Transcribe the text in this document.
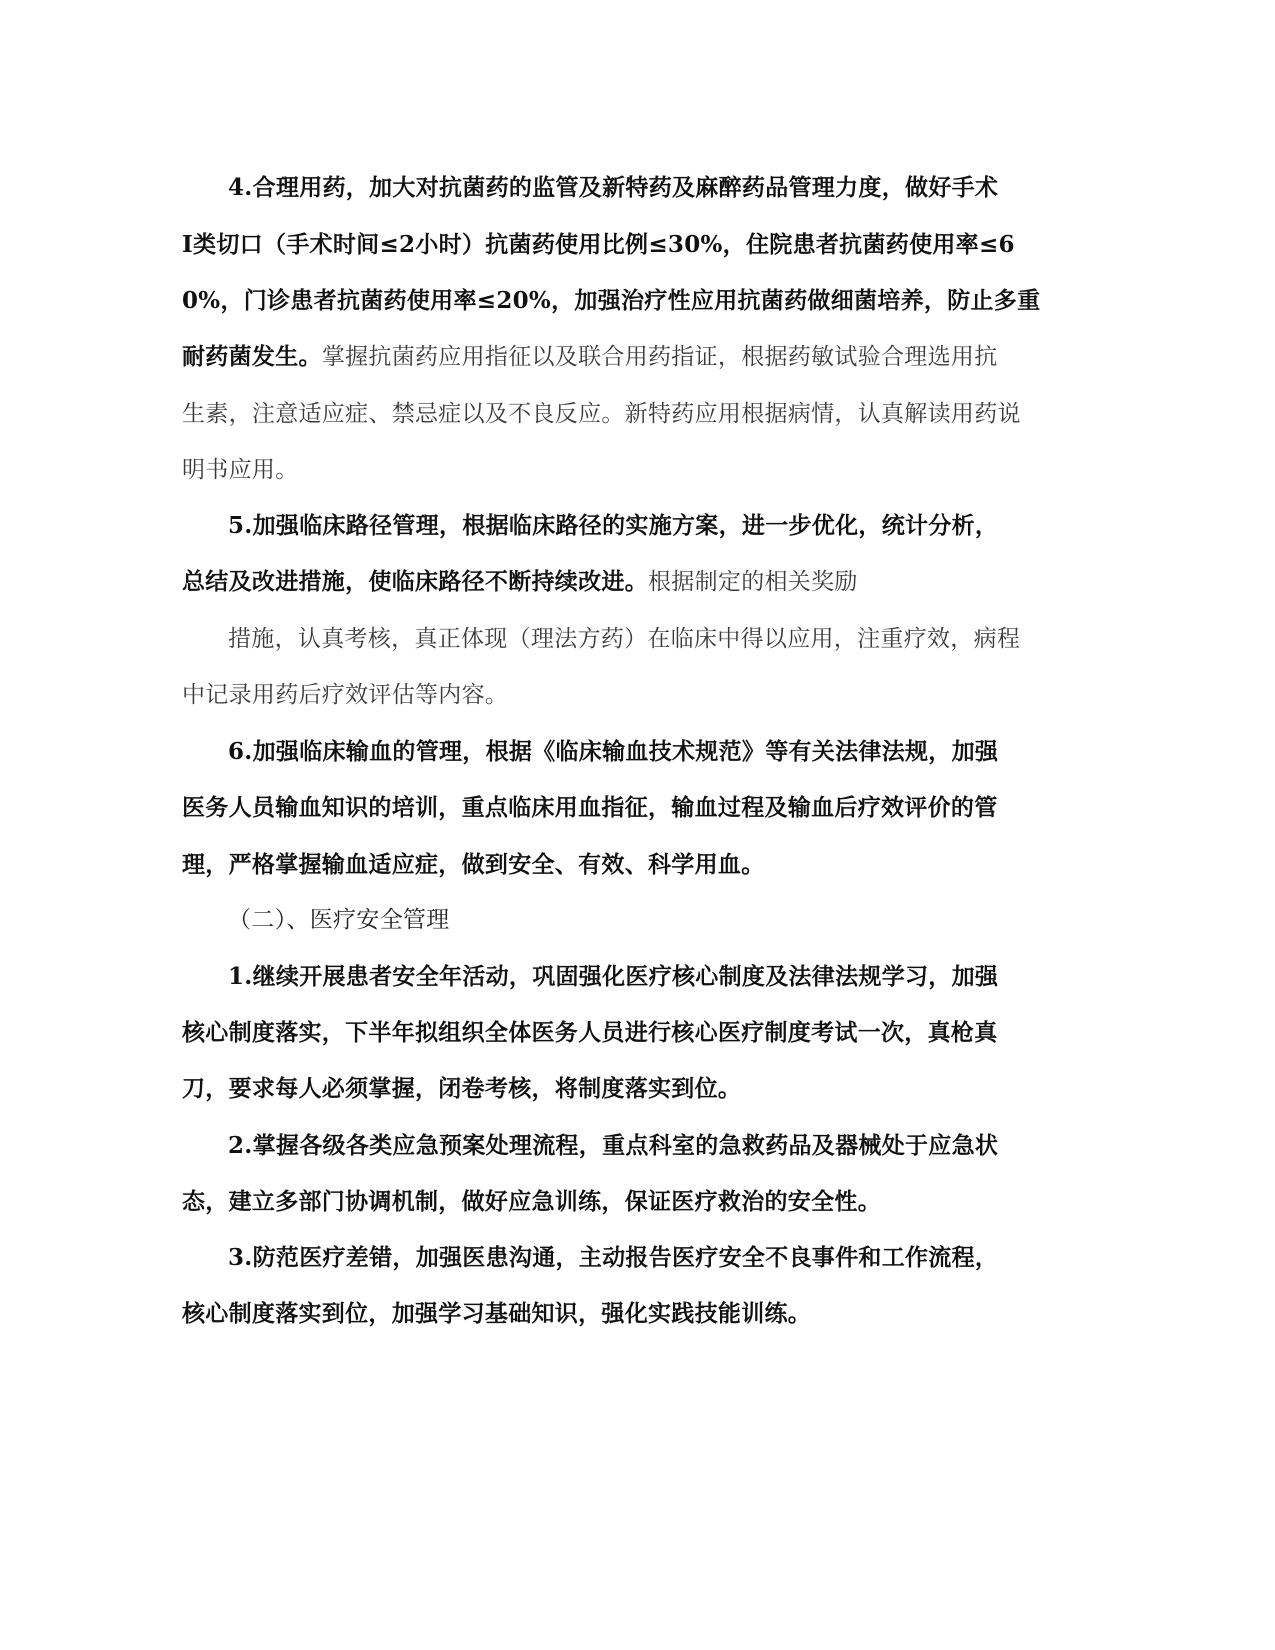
4.合理用药，加大对抗菌药的监管及新特药及麻醉药品管理力度，做好手术
Ⅰ类切口（手术时间≤2小时）抗菌药使用比例≤30%，住院患者抗菌药使用率≤6
0%，门诊患者抗菌药使用率≤20%，加强治疗性应用抗菌药做细菌培养，防止多重
耐药菌发生。掌握抗菌药应用指征以及联合用药指证，根据药敏试验合理选用抗
生素，注意适应症、禁忌症以及不良反应。新特药应用根据病情，认真解读用药说
明书应用。
5.加强临床路径管理，根据临床路径的实施方案，进一步优化，统计分析，
总结及改进措施，使临床路径不断持续改进。根据制定的相关奖励
措施，认真考核，真正体现（理法方药）在临床中得以应用，注重疗效，病程
中记录用药后疗效评估等内容。
6.加强临床输血的管理，根据《临床输血技术规范》等有关法律法规，加强
医务人员输血知识的培训，重点临床用血指征，输血过程及输血后疗效评价的管
理，严格掌握输血适应症，做到安全、有效、科学用血。
（二）、医疗安全管理
1.继续开展患者安全年活动，巩固强化医疗核心制度及法律法规学习，加强
核心制度落实，下半年拟组织全体医务人员进行核心医疗制度考试一次，真枪真
刀，要求每人必须掌握，闭卷考核，将制度落实到位。
2.掌握各级各类应急预案处理流程，重点科室的急救药品及器械处于应急状
态，建立多部门协调机制，做好应急训练，保证医疗救治的安全性。
3.防范医疗差错，加强医患沟通，主动报告医疗安全不良事件和工作流程，
核心制度落实到位，加强学习基础知识，强化实践技能训练。
